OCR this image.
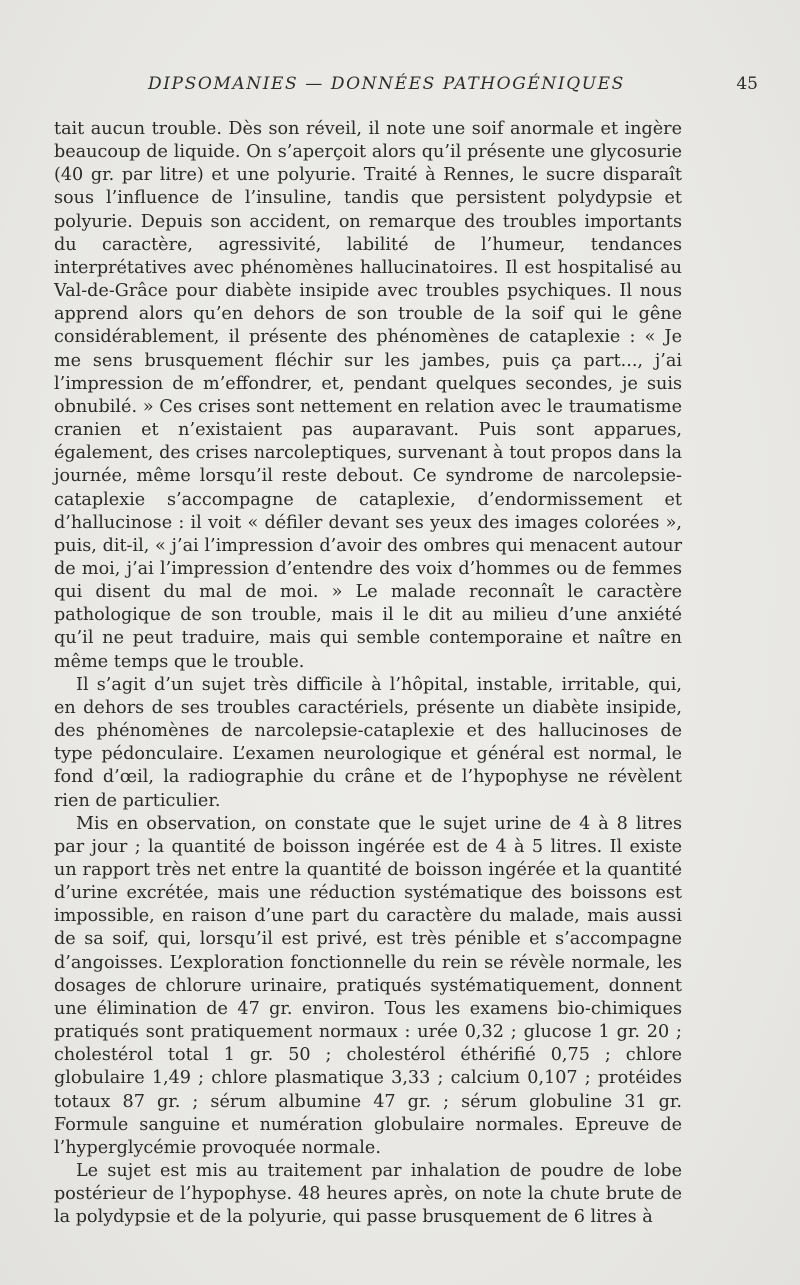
DIPSOMANIES — DONNÉES PATHOGÉNIQUES	45

tait aucun trouble. Dès son réveil, il note une soif anormale et ingère beaucoup de liquide. On s’aperçoit alors qu’il présente une glycosurie (40 gr. par litre) et une polyurie. Traité à Rennes, le sucre disparaît sous l’influence de l’insuline, tandis que persistent polydypsie et polyurie. Depuis son accident, on remarque des troubles importants du caractère, agressivité, labilité de l’humeur, tendances interprétatives avec phénomènes hallucinatoires. Il est hospitalisé au Val-de-Grâce pour diabète insipide avec troubles psychiques. Il nous apprend alors qu’en dehors de son trouble de la soif qui le gêne considérablement, il présente des phénomènes de cataplexie : « Je me sens brusquement fléchir sur les jambes, puis ça part..., j’ai l’impression de m’effondrer, et, pendant quelques secondes, je suis obnubilé. » Ces crises sont nettement en relation avec le traumatisme cranien et n’existaient pas auparavant. Puis sont apparues, également, des crises narcoleptiques, survenant à tout propos dans la journée, même lorsqu’il reste debout. Ce syndrome de narcolepsie-cataplexie s’accompagne de cataplexie, d’endormissement et d’hallucinose : il voit « défiler devant ses yeux des images colorées », puis, dit-il, « j’ai l’impression d’avoir des ombres qui menacent autour de moi, j’ai l’impression d’entendre des voix d’hommes ou de femmes qui disent du mal de moi. » Le malade reconnaît le caractère pathologique de son trouble, mais il le dit au milieu d’une anxiété qu’il ne peut traduire, mais qui semble contemporaine et naître en même temps que le trouble.

Il s’agit d’un sujet très difficile à l’hôpital, instable, irritable, qui, en dehors de ses troubles caractériels, présente un diabète insipide, des phénomènes de narcolepsie-cataplexie et des hallucinoses de type pédonculaire. L’examen neurologique et général est normal, le fond d’œil, la radiographie du crâne et de l’hypophyse ne révèlent rien de particulier.

Mis en observation, on constate que le sujet urine de 4 à 8 litres par jour ; la quantité de boisson ingérée est de 4 à 5 litres. Il existe un rapport très net entre la quantité de boisson ingérée et la quantité d’urine excrétée, mais une réduction systématique des boissons est impossible, en raison d’une part du caractère du malade, mais aussi de sa soif, qui, lorsqu’il est privé, est très pénible et s’accompagne d’angoisses. L’exploration fonctionnelle du rein se révèle normale, les dosages de chlorure urinaire, pratiqués systématiquement, donnent une élimination de 47 gr. environ. Tous les examens bio-chimiques pratiqués sont pratiquement normaux : urée 0,32 ; glucose 1 gr. 20 ; cholestérol total 1 gr. 50 ; cholestérol éthérifié 0,75 ; chlore globulaire 1,49 ; chlore plasmatique 3,33 ; calcium 0,107 ; protéides totaux 87 gr. ; sérum albumine 47 gr. ; sérum globuline 31 gr. Formule sanguine et numération globulaire normales. Epreuve de l’hyperglycémie provoquée normale.

Le sujet est mis au traitement par inhalation de poudre de lobe postérieur de l’hypophyse. 48 heures après, on note la chute brute de la polydypsie et de la polyurie, qui passe brusquement de 6 litres à
